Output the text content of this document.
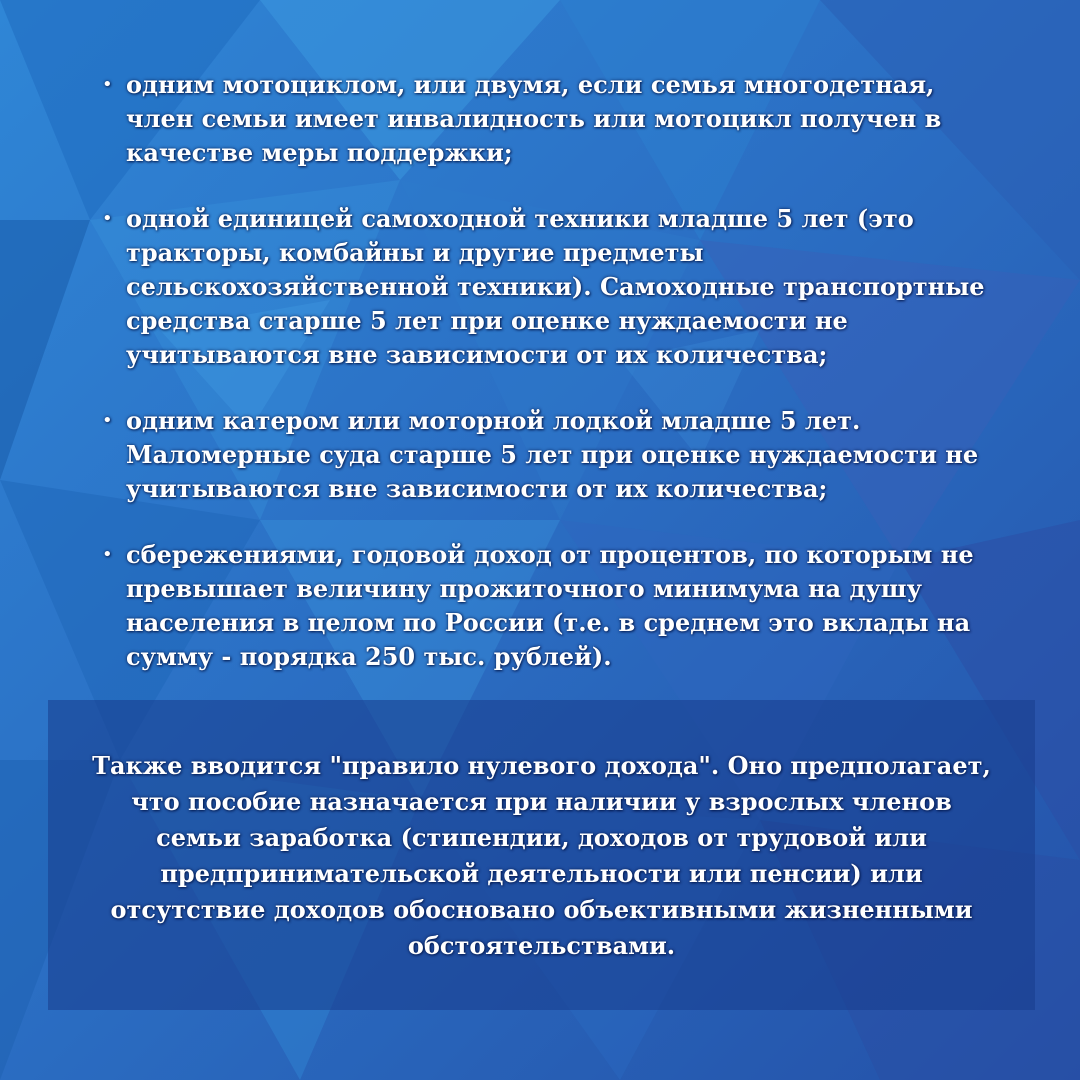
• одним мотоциклом, или двумя, если семья многодетная, член семьи имеет инвалидность или мотоцикл получен в качестве меры поддержки;
• одной единицей самоходной техники младше 5 лет (это тракторы, комбайны и другие предметы сельскохозяйственной техники). Самоходные транспортные средства старше 5 лет при оценке нуждаемости не учитываются вне зависимости от их количества;
• одним катером или моторной лодкой младше 5 лет. Маломерные суда старше 5 лет при оценке нуждаемости не учитываются вне зависимости от их количества;
• сбережениями, годовой доход от процентов, по которым не превышает величину прожиточного минимума на душу населения в целом по России (т.е. в среднем это вклады на сумму - порядка 250 тыс. рублей).

Также вводится "правило нулевого дохода". Оно предполагает, что пособие назначается при наличии у взрослых членов семьи заработка (стипендии, доходов от трудовой или предпринимательской деятельности или пенсии) или отсутствие доходов обосновано объективными жизненными обстоятельствами.
